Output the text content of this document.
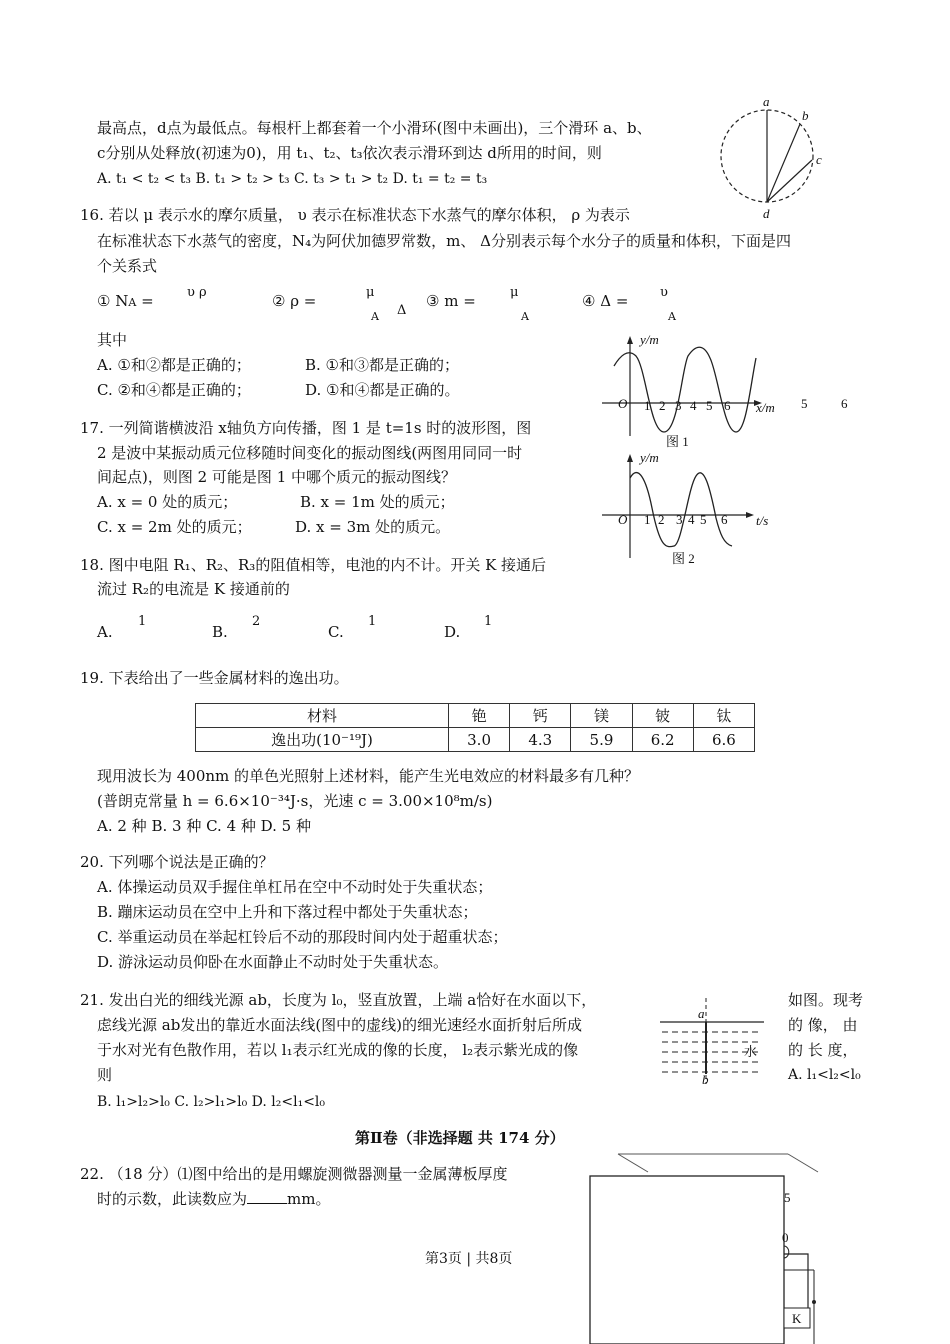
最高点，d点为最低点。每根杆上都套着一个小滑环(图中未画出)，三个滑环 a、b、
c分别从处释放(初速为0)，用 t₁、t₂、t₃依次表示滑环到达 d所用的时间，则
A. t₁ < t₂ < t₃ B. t₁ > t₂ > t₃ C. t₃ > t₁ > t₂ D. t₁ = t₂ = t₃
a
b
c
d
16. 若以 μ 表示水的摩尔质量， υ 表示在标准状态下水蒸气的摩尔体积， ρ 为表示
在标准状态下水蒸气的密度，N₄为阿伏加德罗常数，m、 Δ分别表示每个水分子的质量和体积，下面是四
个关系式
① NA =	υ ρ	② ρ =	μ
A Δ
③ m =	μ
A
④ Δ = υ
A
其中
A. ①和②都是正确的；	B. ①和③都是正确的；
C. ②和④都是正确的；	D. ①和④都是正确的。
y/m
O 1 2 3 4 5 6 x/m 5	6
图 1
y/m
O 1 2 3 4 5 6 t/s
图 2
17. 一列简谐横波沿 x轴负方向传播，图 1 是 t=1s 时的波形图，图
2 是波中某振动质元位移随时间变化的振动图线(两图用同同一时
间起点)，则图 2 可能是图 1 中哪个质元的振动图线？
A. x = 0 处的质元；	B. x = 1m 处的质元；
C. x = 2m 处的质元；	D. x = 3m 处的质元。
18. 图中电阻 R₁、R₂、R₃的阻值相等，电池的内不计。开关 K 接通后
流过 R₂的电流是 K 接通前的
A.
1
B.
2
C.
1
D.
1
19. 下表给出了一些金属材料的逸出功。
材料	铯	钙	镁	铍	钛
逸出功(10⁻¹⁹J)	3.0	4.3	5.9	6.2	6.6
现用波长为 400nm 的单色光照射上述材料，能产生光电效应的材料最多有几种？
(普朗克常量 h = 6.6×10⁻³⁴J·s，光速 c = 3.00×10⁸m/s)
A. 2 种 B. 3 种 C. 4 种 D. 5 种
20. 下列哪个说法是正确的？
A. 体操运动员双手握住单杠吊在空中不动时处于失重状态；
B. 蹦床运动员在空中上升和下落过程中都处于失重状态；
C. 举重运动员在举起杠铃后不动的那段时间内处于超重状态；
D. 游泳运动员仰卧在水面静止不动时处于失重状态。
21. 发出白光的细线光源 ab，长度为 l₀，竖直放置，上端 a恰好在水面以下，
虑线光源 ab发出的靠近水面法线(图中的虚线)的细光速经水面折射后所成
于水对光有色散作用，若以 l₁表示红光成的像的长度， l₂表示紫光成的像
则
如图。现考
的 像， 由
的 长 度，
A. l₁<l₂<l₀
B. l₁>l₂>l₀ C. l₂>l₁>l₀ D. l₂<l₁<l₀
a
b
水
第Ⅱ卷（非选择题 共 174 分）
22. （18 分）⑴图中给出的是用螺旋测微器测量一金属薄板厚度
时的示数，此读数应为	mm。	5
0
K
第3页 | 共8页
